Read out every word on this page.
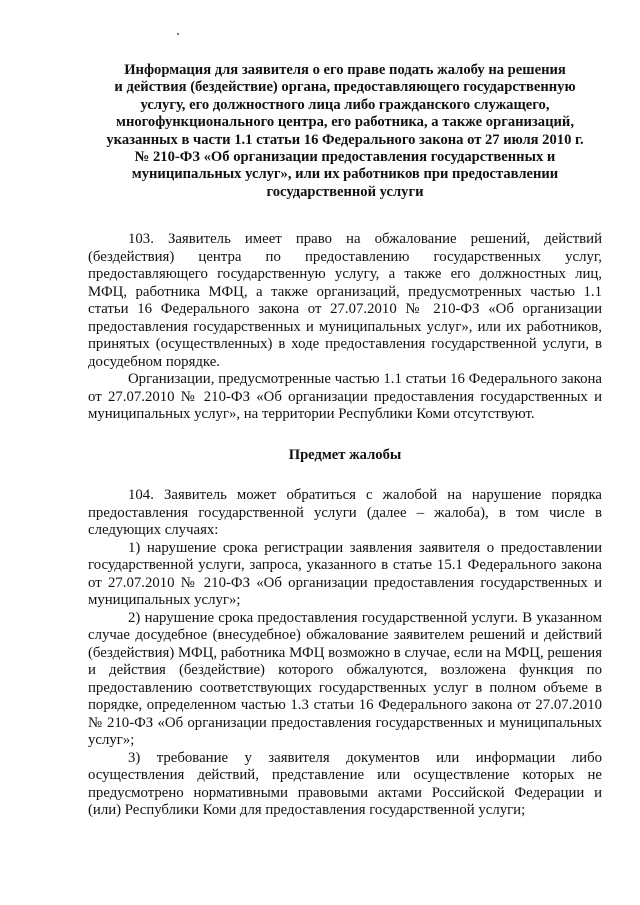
Информация для заявителя о его праве подать жалобу на решения
и действия (бездействие) органа, предоставляющего государственную
услугу, его должностного лица либо гражданского служащего,
многофункционального центра, его работника, а также организаций,
указанных в части 1.1 статьи 16 Федерального закона от 27 июля 2010 г.
№ 210-ФЗ «Об организации предоставления государственных и
муниципальных услуг», или их работников при предоставлении
государственной услуги

103. Заявитель имеет право на обжалование решений, действий (бездействия) центра по предоставлению государственных услуг, предоставляющего государственную услугу, а также его должностных лиц, МФЦ, работника МФЦ, а также организаций, предусмотренных частью 1.1 статьи 16 Федерального закона от 27.07.2010 № 210-ФЗ «Об организации предоставления государственных и муниципальных услуг», или их работников, принятых (осуществленных) в ходе предоставления государственной услуги, в досудебном порядке.

Организации, предусмотренные частью 1.1 статьи 16 Федерального закона от 27.07.2010 № 210-ФЗ «Об организации предоставления государственных и муниципальных услуг», на территории Республики Коми отсутствуют.

Предмет жалобы

104. Заявитель может обратиться с жалобой на нарушение порядка предоставления государственной услуги (далее – жалоба), в том числе в следующих случаях:

1) нарушение срока регистрации заявления заявителя о предоставлении государственной услуги, запроса, указанного в статье 15.1 Федерального закона от 27.07.2010 № 210-ФЗ «Об организации предоставления государственных и муниципальных услуг»;

2) нарушение срока предоставления государственной услуги. В указанном случае досудебное (внесудебное) обжалование заявителем решений и действий (бездействия) МФЦ, работника МФЦ возможно в случае, если на МФЦ, решения и действия (бездействие) которого обжалуются, возложена функция по предоставлению соответствующих государственных услуг в полном объеме в порядке, определенном частью 1.3 статьи 16 Федерального закона от 27.07.2010 № 210-ФЗ «Об организации предоставления государственных и муниципальных услуг»;

3) требование у заявителя документов или информации либо осуществления действий, представление или осуществление которых не предусмотрено нормативными правовыми актами Российской Федерации и (или) Республики Коми для предоставления государственной услуги;
